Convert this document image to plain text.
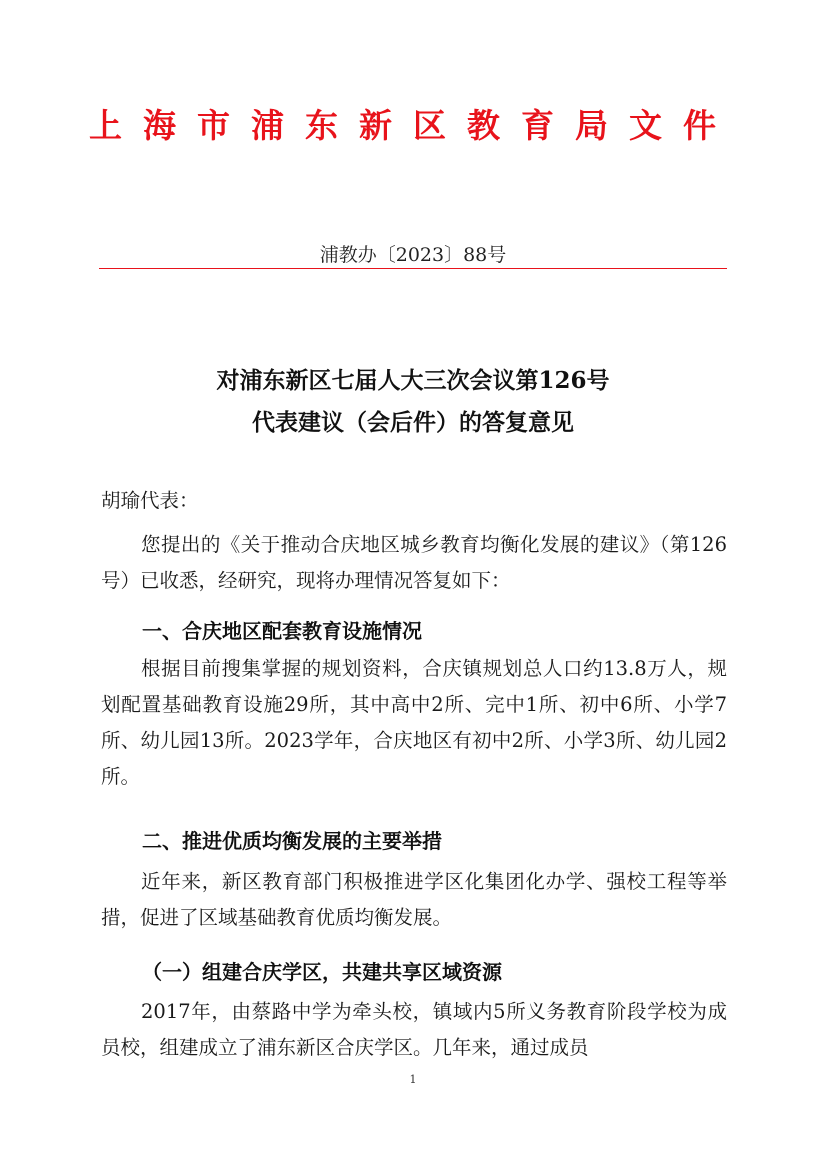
上海市浦东新区教育局文件
浦教办〔2023〕88号
对浦东新区七届人大三次会议第126号
代表建议（会后件）的答复意见
胡瑜代表：
您提出的《关于推动合庆地区城乡教育均衡化发展的建议》（第126号）已收悉，经研究，现将办理情况答复如下：
一、合庆地区配套教育设施情况
根据目前搜集掌握的规划资料，合庆镇规划总人口约13.8万人，规划配置基础教育设施29所，其中高中2所、完中1所、初中6所、小学7所、幼儿园13所。2023学年，合庆地区有初中2所、小学3所、幼儿园2所。
二、推进优质均衡发展的主要举措
近年来，新区教育部门积极推进学区化集团化办学、强校工程等举措，促进了区域基础教育优质均衡发展。
（一）组建合庆学区，共建共享区域资源
2017年，由蔡路中学为牵头校，镇域内5所义务教育阶段学校为成员校，组建成立了浦东新区合庆学区。几年来，通过成员
1
